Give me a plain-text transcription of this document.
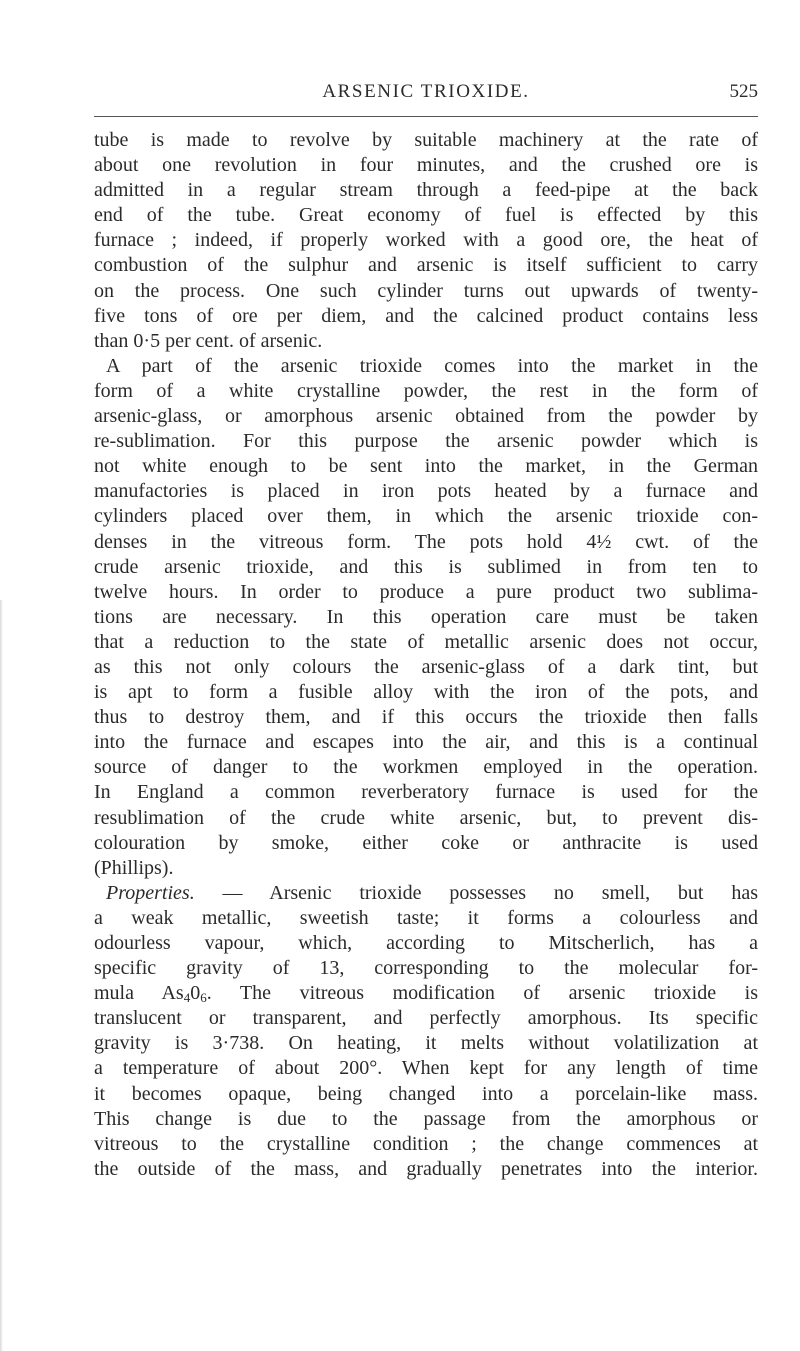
ARSENIC TRIOXIDE.	525
tube is made to revolve by suitable machinery at the rate of
about one revolution in four minutes, and the crushed ore is
admitted in a regular stream through a feed-pipe at the back
end of the tube. Great economy of fuel is effected by this
furnace ; indeed, if properly worked with a good ore, the heat of
combustion of the sulphur and arsenic is itself sufficient to carry
on the process. One such cylinder turns out upwards of twenty-
five tons of ore per diem, and the calcined product contains less
than 0·5 per cent. of arsenic.
A part of the arsenic trioxide comes into the market in the
form of a white crystalline powder, the rest in the form of
arsenic-glass, or amorphous arsenic obtained from the powder by
re-sublimation. For this purpose the arsenic powder which is
not white enough to be sent into the market, in the German
manufactories is placed in iron pots heated by a furnace and
cylinders placed over them, in which the arsenic trioxide con-
denses in the vitreous form. The pots hold 4½ cwt. of the
crude arsenic trioxide, and this is sublimed in from ten to
twelve hours. In order to produce a pure product two sublima-
tions are necessary. In this operation care must be taken
that a reduction to the state of metallic arsenic does not occur,
as this not only colours the arsenic-glass of a dark tint, but
is apt to form a fusible alloy with the iron of the pots, and
thus to destroy them, and if this occurs the trioxide then falls
into the furnace and escapes into the air, and this is a continual
source of danger to the workmen employed in the operation.
In England a common reverberatory furnace is used for the
resublimation of the crude white arsenic, but, to prevent dis-
colouration by smoke, either coke or anthracite is used
(Phillips).
Properties. — Arsenic trioxide possesses no smell, but has
a weak metallic, sweetish taste; it forms a colourless and
odourless vapour, which, according to Mitscherlich, has a
specific gravity of 13, corresponding to the molecular for-
mula $As_40_6$. The vitreous modification of arsenic trioxide is
translucent or transparent, and perfectly amorphous. Its specific
gravity is 3·738. On heating, it melts without volatilization at
a temperature of about 200°. When kept for any length of time
it becomes opaque, being changed into a porcelain-like mass.
This change is due to the passage from the amorphous or
vitreous to the crystalline condition ; the change commences at
the outside of the mass, and gradually penetrates into the interior.
